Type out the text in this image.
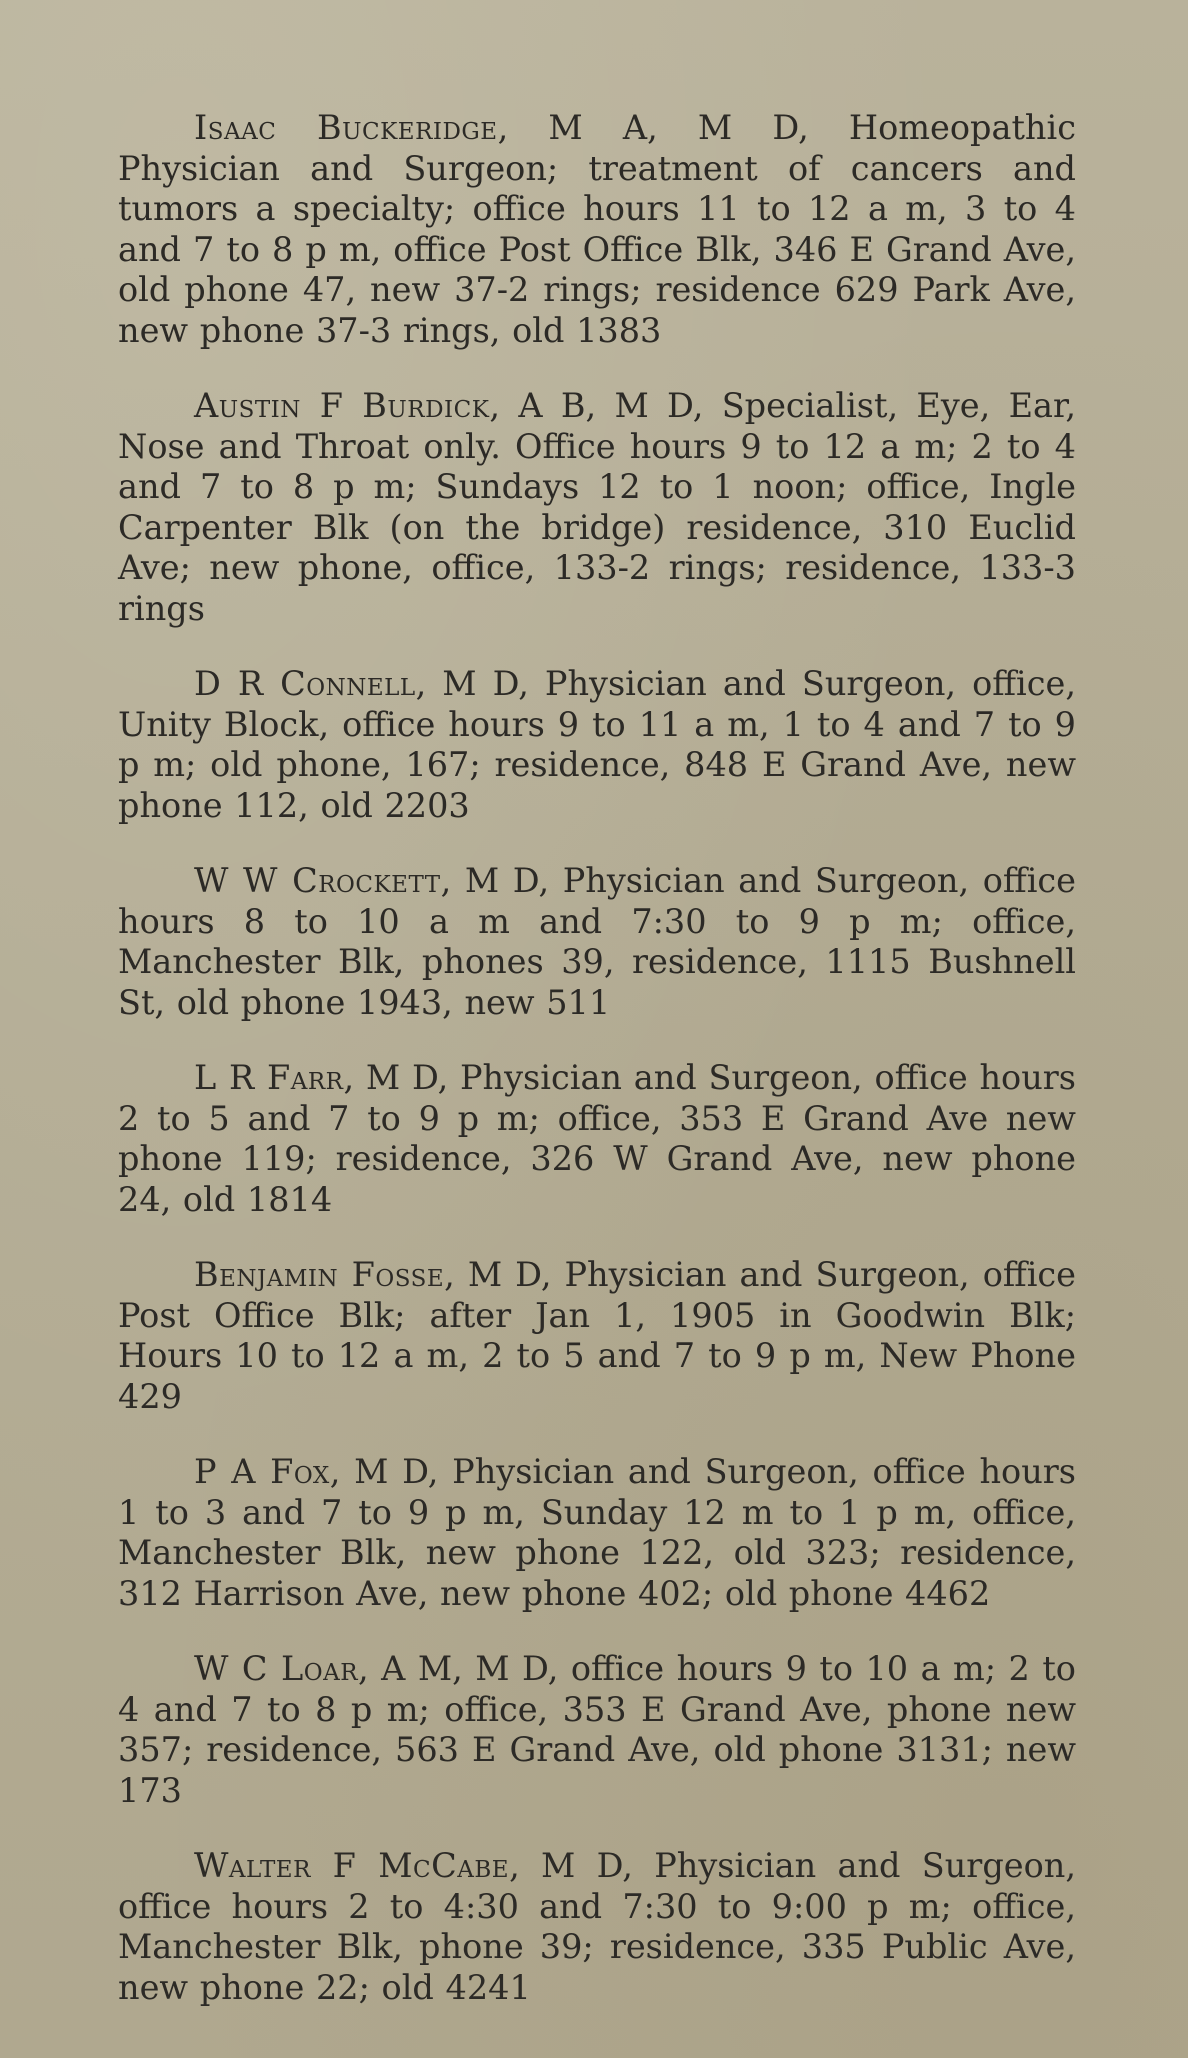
Isaac Buckeridge, M A, M D, Homeopathic Physician and Surgeon; treatment of cancers and tumors a specialty; office hours 11 to 12 a m, 3 to 4 and 7 to 8 p m, office Post Office Blk, 346 E Grand Ave, old phone 47, new 37-2 rings; residence 629 Park Ave, new phone 37-3 rings, old 1383

Austin F Burdick, A B, M D, Specialist, Eye, Ear, Nose and Throat only. Office hours 9 to 12 a m; 2 to 4 and 7 to 8 p m; Sundays 12 to 1 noon; office, Ingle Carpenter Blk (on the bridge) residence, 310 Euclid Ave; new phone, office, 133-2 rings; residence, 133-3 rings

D R Connell, M D, Physician and Surgeon, office, Unity Block, office hours 9 to 11 a m, 1 to 4 and 7 to 9 p m; old phone, 167; residence, 848 E Grand Ave, new phone 112, old 2203

W W Crockett, M D, Physician and Surgeon, office hours 8 to 10 a m and 7:30 to 9 p m; office, Manchester Blk, phones 39, residence, 1115 Bushnell St, old phone 1943, new 511

L R Farr, M D, Physician and Surgeon, office hours 2 to 5 and 7 to 9 p m; office, 353 E Grand Ave new phone 119; residence, 326 W Grand Ave, new phone 24, old 1814

Benjamin Fosse, M D, Physician and Surgeon, office Post Office Blk; after Jan 1, 1905 in Goodwin Blk; Hours 10 to 12 a m, 2 to 5 and 7 to 9 p m, New Phone 429

P A Fox, M D, Physician and Surgeon, office hours 1 to 3 and 7 to 9 p m, Sunday 12 m to 1 p m, office, Manchester Blk, new phone 122, old 323; residence, 312 Harrison Ave, new phone 402; old phone 4462

W C Loar, A M, M D, office hours 9 to 10 a m; 2 to 4 and 7 to 8 p m; office, 353 E Grand Ave, phone new 357; residence, 563 E Grand Ave, old phone 3131; new 173

Walter F McCabe, M D, Physician and Surgeon, office hours 2 to 4:30 and 7:30 to 9:00 p m; office, Manchester Blk, phone 39; residence, 335 Public Ave, new phone 22; old 4241
